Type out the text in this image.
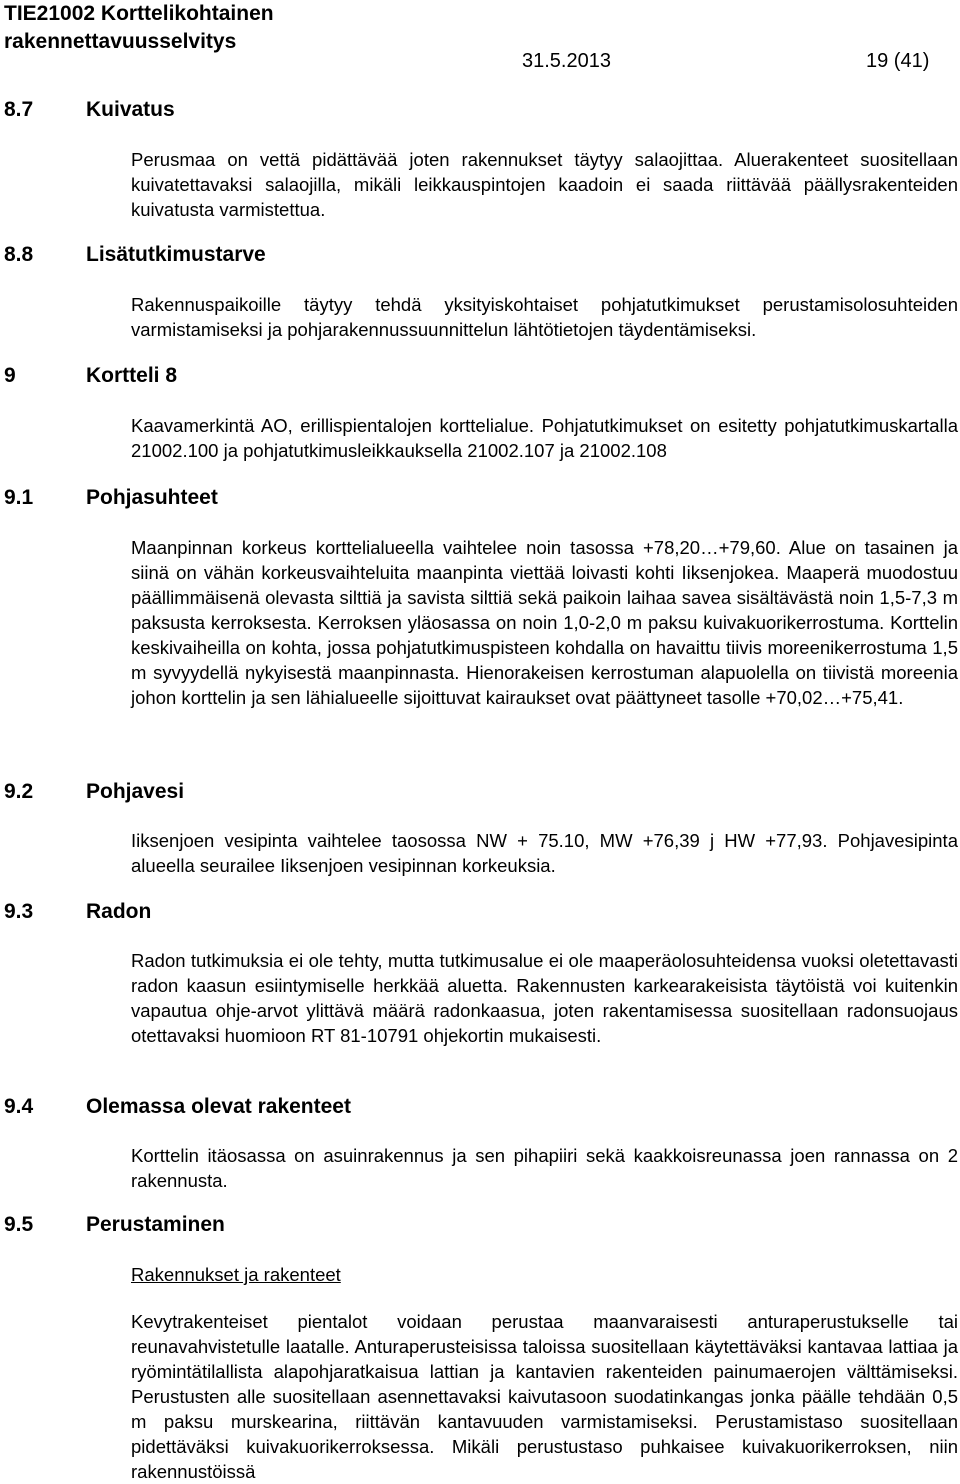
TIE21002 Korttelikohtainen
rakennettavuusselvitys
31.5.2013	19 (41)
8.7	Kuivatus
Perusmaa on vettä pidättävää joten rakennukset täytyy salaojittaa. Aluerakenteet suositellaan kuivatettavaksi salaojilla, mikäli leikkauspintojen kaadoin ei saada riittävää päällysrakenteiden kuivatusta varmistettua.
8.8	Lisätutkimustarve
Rakennuspaikoille täytyy tehdä yksityiskohtaiset pohjatutkimukset perustamisolosuhteiden varmistamiseksi ja pohjarakennussuunnittelun lähtötietojen täydentämiseksi.
9	Kortteli 8
Kaavamerkintä AO, erillispientalojen korttelialue. Pohjatutkimukset on esitetty pohjatutkimuskartalla 21002.100 ja pohjatutkimusleikkauksella 21002.107 ja 21002.108
9.1	Pohjasuhteet
Maanpinnan korkeus korttelialueella vaihtelee noin tasossa +78,20…+79,60. Alue on tasainen ja siinä on vähän korkeusvaihteluita maanpinta viettää loivasti kohti Iiksenjokea. Maaperä muodostuu päällimmäisenä olevasta silttiä ja savista silttiä sekä paikoin laihaa savea sisältävästä noin 1,5-7,3 m paksusta kerroksesta. Kerroksen yläosassa on noin 1,0-2,0 m paksu kuivakuorikerrostuma. Korttelin keskivaiheilla on kohta, jossa pohjatutkimuspisteen kohdalla on havaittu tiivis moreenikerrostuma 1,5 m syvyydellä nykyisestä maanpinnasta. Hienorakeisen kerrostuman alapuolella on tiivistä moreenia johon korttelin ja sen lähialueelle sijoittuvat kairaukset ovat päättyneet tasolle +70,02…+75,41.
9.2	Pohjavesi
Iiksenjoen vesipinta vaihtelee taosossa NW + 75.10, MW +76,39 j HW +77,93. Pohjavesipinta alueella seurailee Iiksenjoen vesipinnan korkeuksia.
9.3	Radon
Radon tutkimuksia ei ole tehty, mutta tutkimusalue ei ole maaperäolosuhteidensa vuoksi oletettavasti radon kaasun esiintymiselle herkkää aluetta. Rakennusten karkearakeisista täytöistä voi kuitenkin vapautua ohje-arvot ylittävä määrä radonkaasua, joten rakentamisessa suositellaan radonsuojaus otettavaksi huomioon RT 81-10791 ohjekortin mukaisesti.
9.4	Olemassa olevat rakenteet
Korttelin itäosassa on asuinrakennus ja sen pihapiiri sekä kaakkoisreunassa joen rannassa on 2 rakennusta.
9.5	Perustaminen
Rakennukset ja rakenteet
Kevytrakenteiset pientalot voidaan perustaa maanvaraisesti anturaperustukselle tai reunavahvistetulle laatalle. Anturaperusteisissa taloissa suositellaan käytettäväksi kantavaa lattiaa ja ryömintätilallista alapohjaratkaisua lattian ja kantavien rakenteiden painumaerojen välttämiseksi. Perustusten alle suositellaan asennettavaksi kaivutasoon suodatinkangas jonka päälle tehdään 0,5 m paksu murskearina, riittävän kantavuuden varmistamiseksi. Perustamistaso suositellaan pidettäväksi kuivakuorikerroksessa. Mikäli perustustaso puhkaisee kuivakuorikerroksen, niin rakennustöissä
